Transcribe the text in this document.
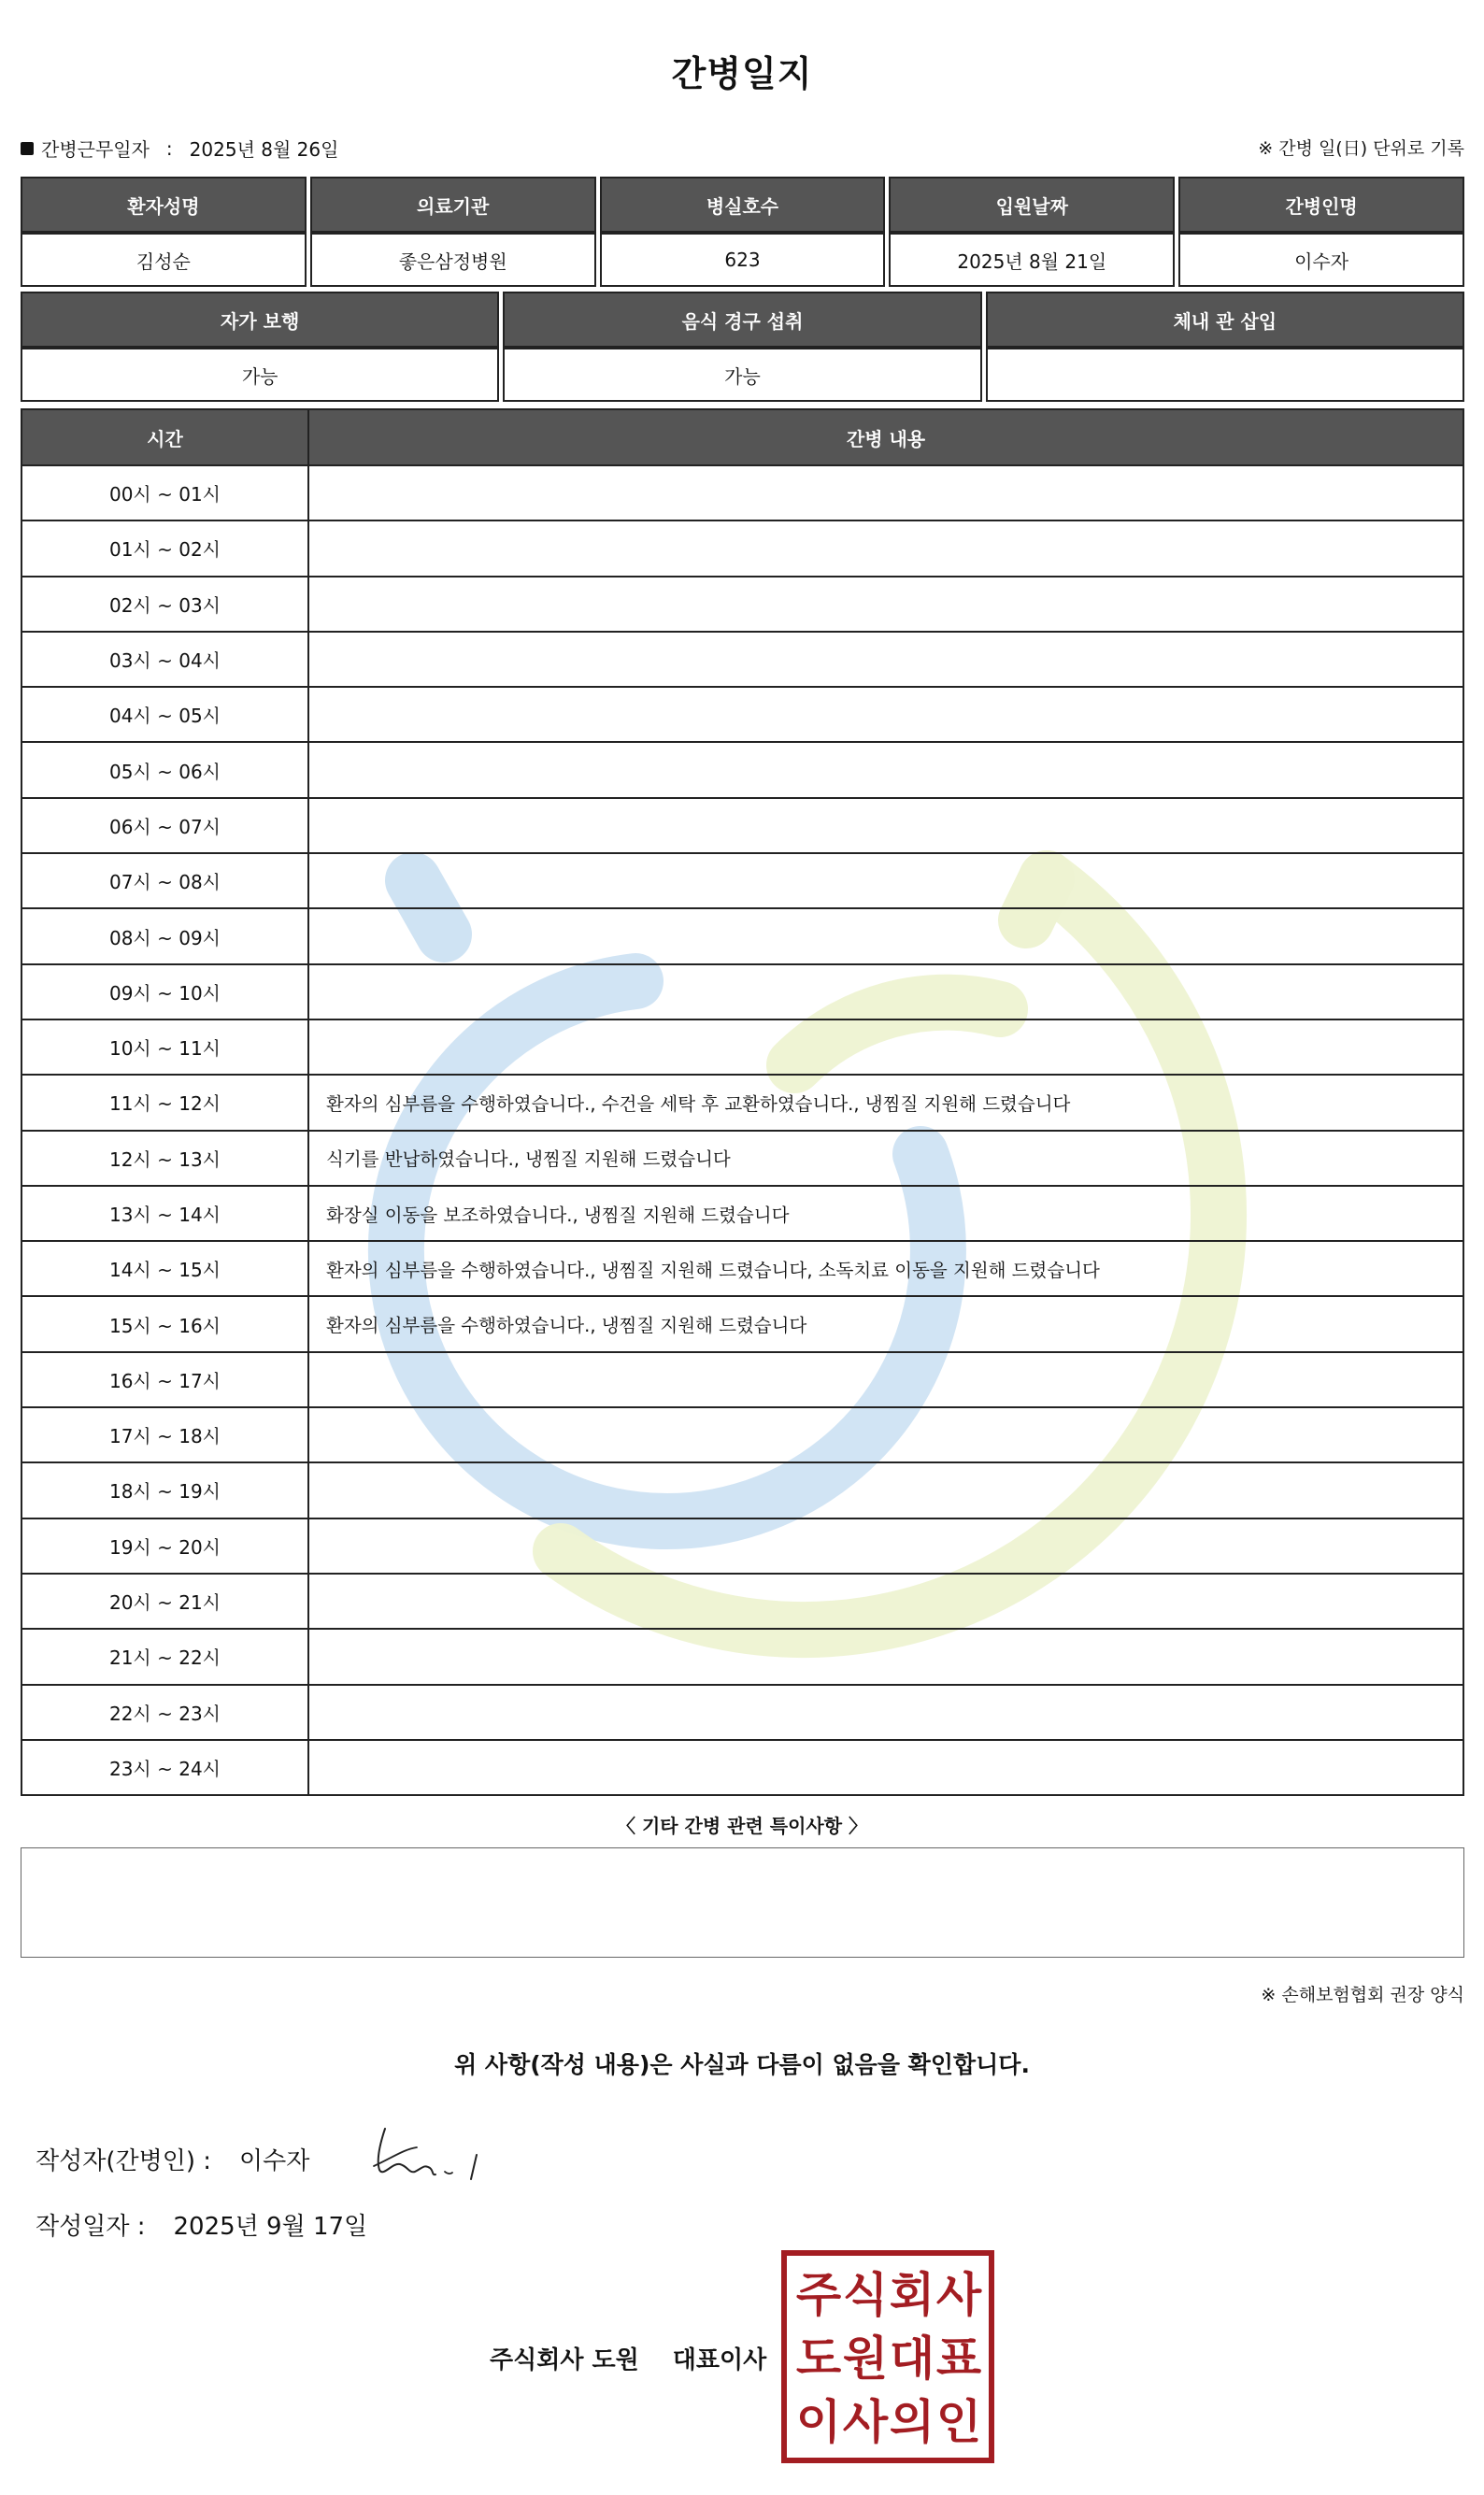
간병일지
간병근무일자 : 2025년 8월 26일	※ 간병 일(日) 단위로 기록
환자성명	의료기관	병실호수	입원날짜	간병인명
김성순	좋은삼정병원	623	2025년 8월 21일	이수자
자가 보행	음식 경구 섭취	체내 관 삽입
가능	가능	
시간	간병 내용
00시 ~ 01시	
01시 ~ 02시	
02시 ~ 03시	
03시 ~ 04시	
04시 ~ 05시	
05시 ~ 06시	
06시 ~ 07시	
07시 ~ 08시	
08시 ~ 09시	
09시 ~ 10시	
10시 ~ 11시	
11시 ~ 12시	환자의 심부름을 수행하였습니다., 수건을 세탁 후 교환하였습니다., 냉찜질 지원해 드렸습니다
12시 ~ 13시	식기를 반납하였습니다., 냉찜질 지원해 드렸습니다
13시 ~ 14시	화장실 이동을 보조하였습니다., 냉찜질 지원해 드렸습니다
14시 ~ 15시	환자의 심부름을 수행하였습니다., 냉찜질 지원해 드렸습니다, 소독치료 이동을 지원해 드렸습니다
15시 ~ 16시	환자의 심부름을 수행하였습니다., 냉찜질 지원해 드렸습니다
16시 ~ 17시	
17시 ~ 18시	
18시 ~ 19시	
19시 ~ 20시	
20시 ~ 21시	
21시 ~ 22시	
22시 ~ 23시	
23시 ~ 24시	
〈 기타 간병 관련 특이사항 〉
※ 손해보험협회 권장 양식
위 사항(작성 내용)은 사실과 다름이 없음을 확인합니다.
작성자(간병인) : 이수자
작성일자 : 2025년 9월 17일
주식회사 도원 대표이사
주 식 회 사
도 원 대 표
이 사 의 인
